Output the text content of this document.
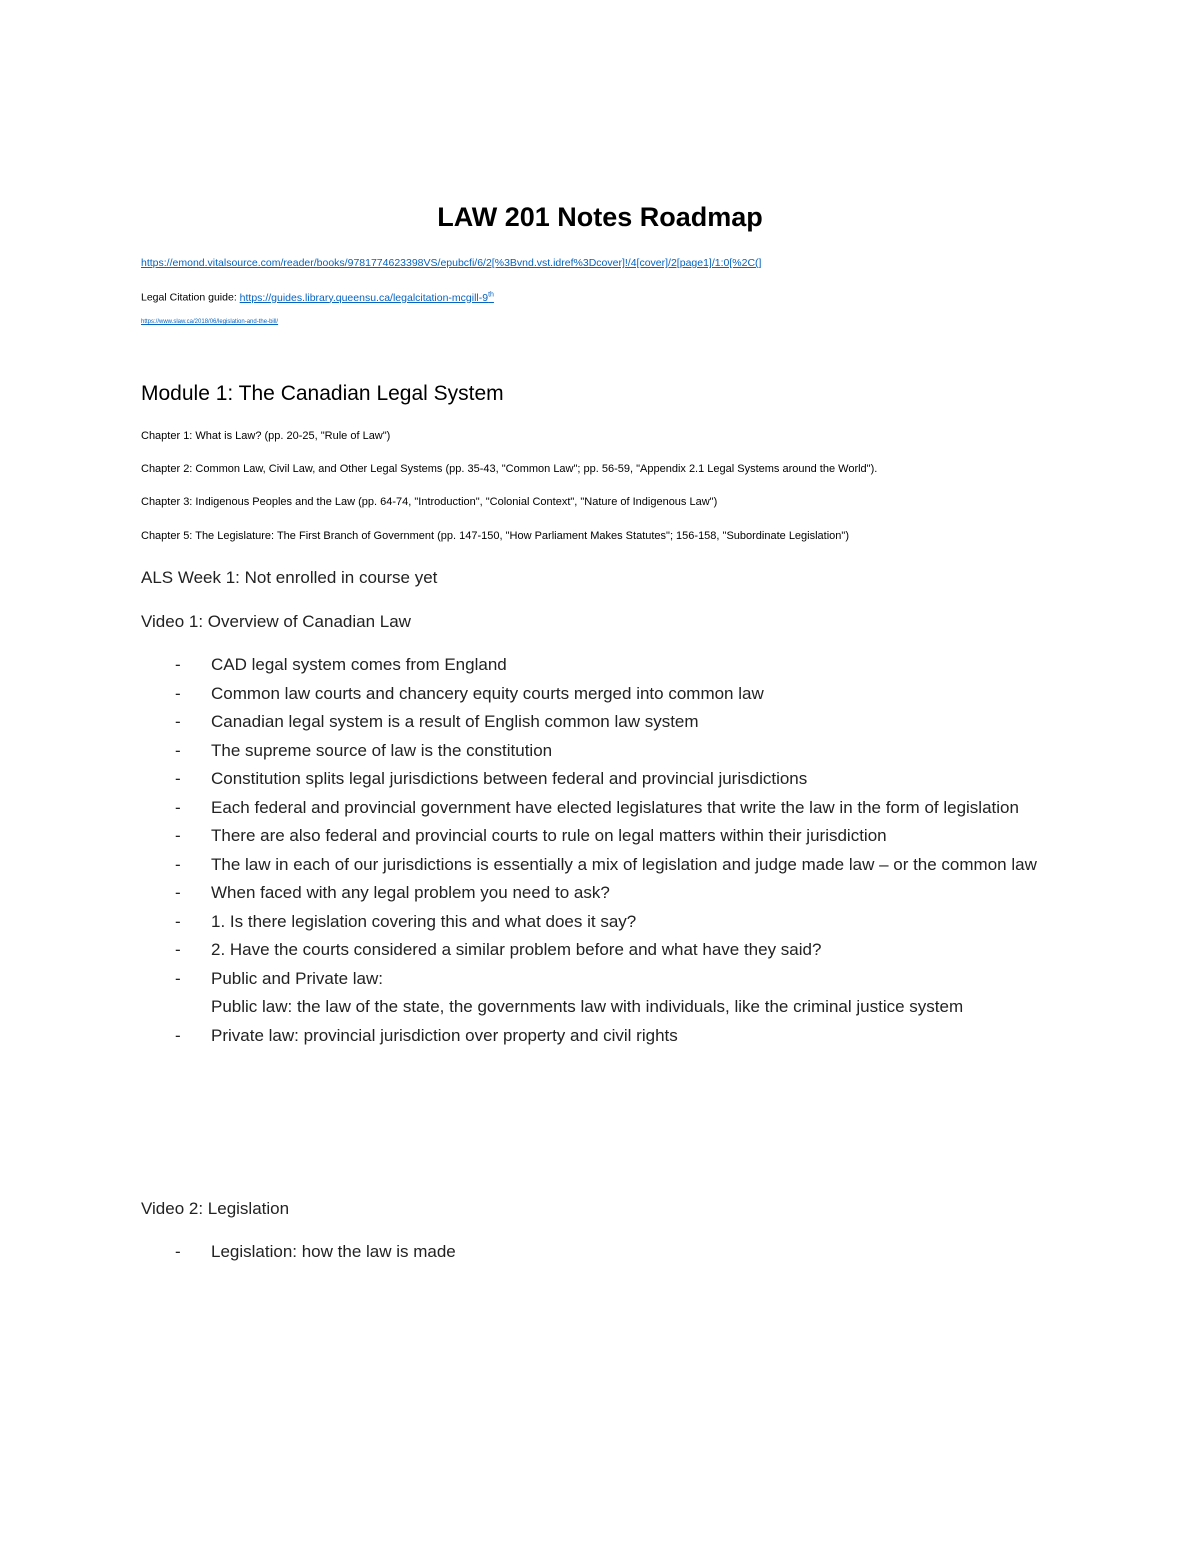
LAW 201 Notes Roadmap

https://emond.vitalsource.com/reader/books/9781774623398VS/epubcfi/6/2[%3Bvnd.vst.idref%3Dcover]!/4[cover]/2[page1]/1:0[%2C(]

Legal Citation guide: https://guides.library.queensu.ca/legalcitation-mcgill-9th

https://www.slaw.ca/2018/06/legislation-and-the-bill/

Module 1: The Canadian Legal System

Chapter 1: What is Law? (pp. 20-25, "Rule of Law")

Chapter 2: Common Law, Civil Law, and Other Legal Systems (pp. 35-43, "Common Law"; pp. 56-59, "Appendix 2.1 Legal Systems around the World").

Chapter 3: Indigenous Peoples and the Law (pp. 64-74, "Introduction", "Colonial Context", "Nature of Indigenous Law")

Chapter 5: The Legislature: The First Branch of Government (pp. 147-150, "How Parliament Makes Statutes"; 156-158, "Subordinate Legislation")

ALS Week 1: Not enrolled in course yet
Video 1: Overview of Canadian Law
- CAD legal system comes from England
- Common law courts and chancery equity courts merged into common law
- Canadian legal system is a result of English common law system
- The supreme source of law is the constitution
- Constitution splits legal jurisdictions between federal and provincial jurisdictions
- Each federal and provincial government have elected legislatures that write the law in the form of legislation
- There are also federal and provincial courts to rule on legal matters within their jurisdiction
- The law in each of our jurisdictions is essentially a mix of legislation and judge made law – or the common law
- When faced with any legal problem you need to ask?
- 1. Is there legislation covering this and what does it say?
- 2. Have the courts considered a similar problem before and what have they said?
- Public and Private law:
Public law: the law of the state, the governments law with individuals, like the criminal justice system
- Private law: provincial jurisdiction over property and civil rights
Video 2: Legislation
- Legislation: how the law is made
